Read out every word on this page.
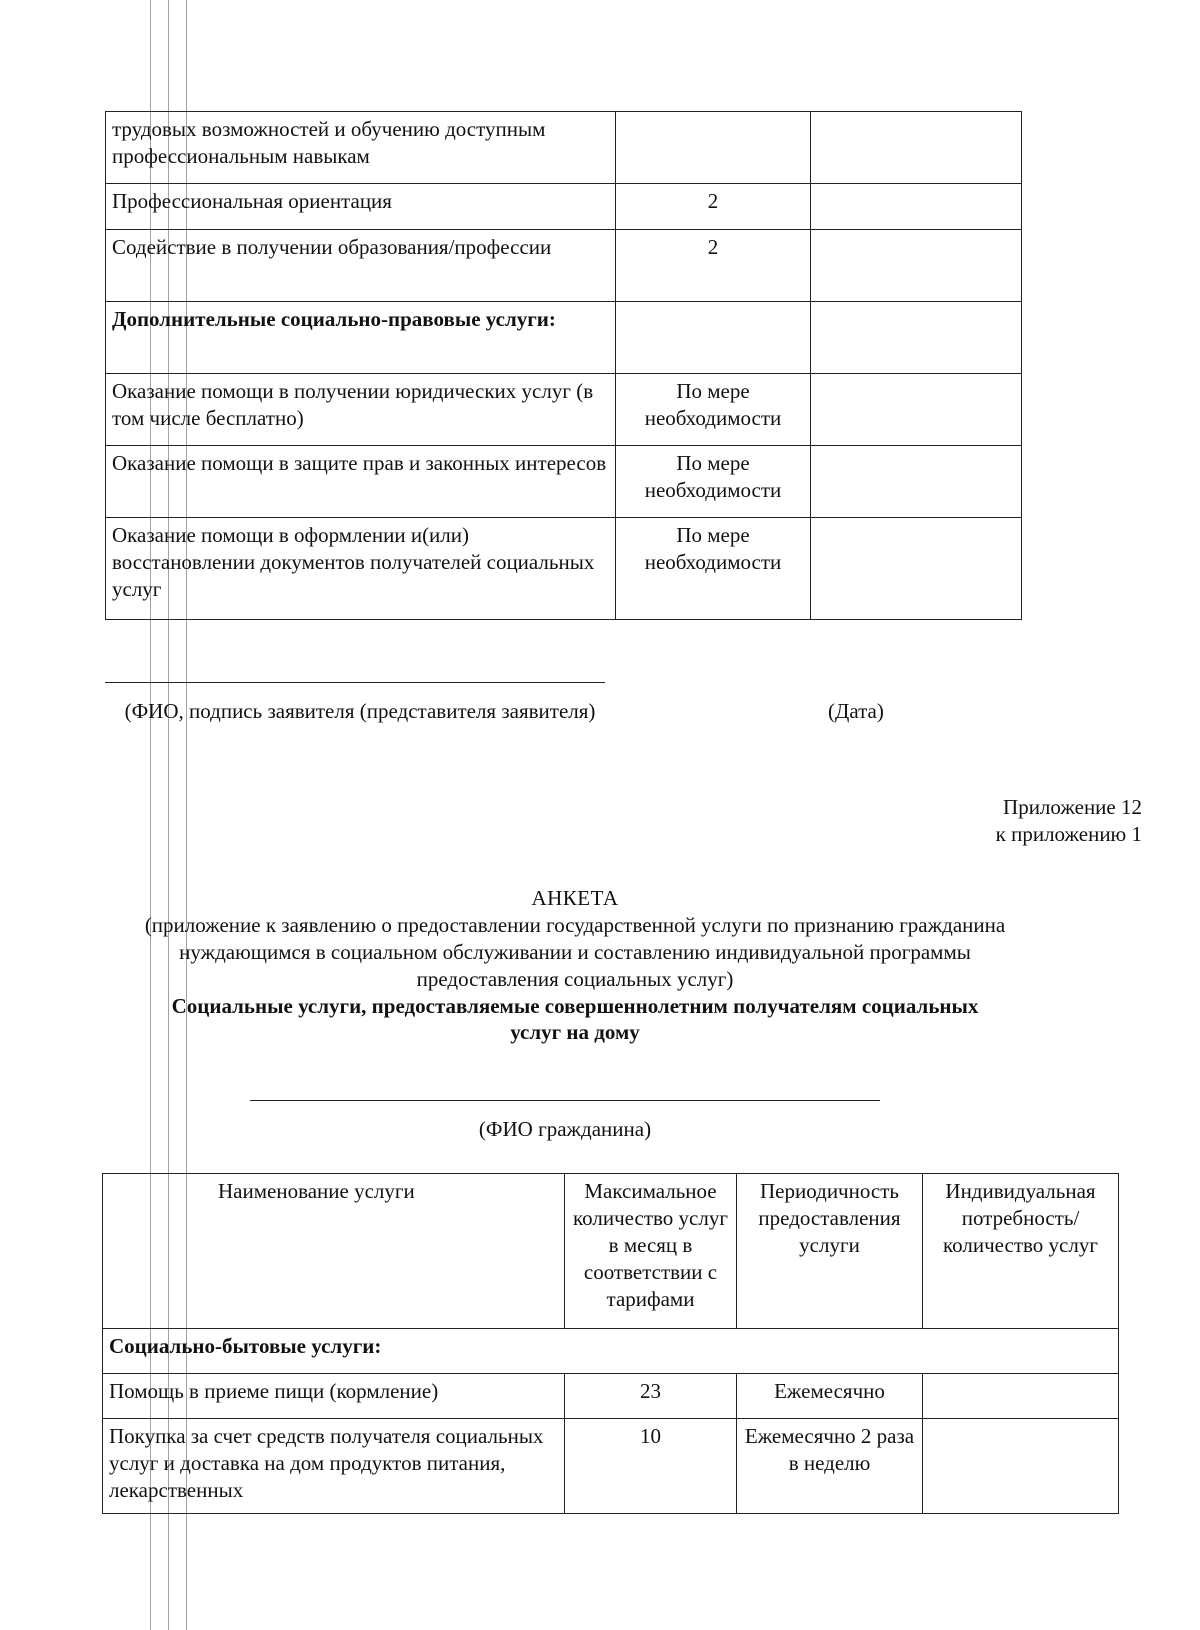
трудовых возможностей и обучению доступным профессиональным навыкам		
Профессиональная ориентация	2	
Содействие в получении образования/профессии	2	
Дополнительные социально-правовые услуги:		
Оказание помощи в получении юридических услуг (в том числе бесплатно)	По мере необходимости	
Оказание помощи в защите прав и законных интересов	По мере необходимости	
Оказание помощи в оформлении и(или) восстановлении документов получателей социальных услуг	По мере необходимости	
(ФИО, подпись заявителя (представителя заявителя)	(Дата)
Приложение 12
к приложению 1
АНКЕТА
(приложение к заявлению о предоставлении государственной услуги по признанию гражданина нуждающимся в социальном обслуживании и составлению индивидуальной программы предоставления социальных услуг)
Социальные услуги, предоставляемые совершеннолетним получателям социальных услуг на дому
(ФИО гражданина)
Наименование услуги	Максимальное количество услуг в месяц в соответствии с тарифами	Периодичность предоставления услуги	Индивидуальная потребность/ количество услуг
Социально-бытовые услуги:			
Помощь в приеме пищи (кормление)	23	Ежемесячно	
Покупка за счет средств получателя социальных услуг и доставка на дом продуктов питания, лекарственных	10	Ежемесячно 2 раза в неделю	
